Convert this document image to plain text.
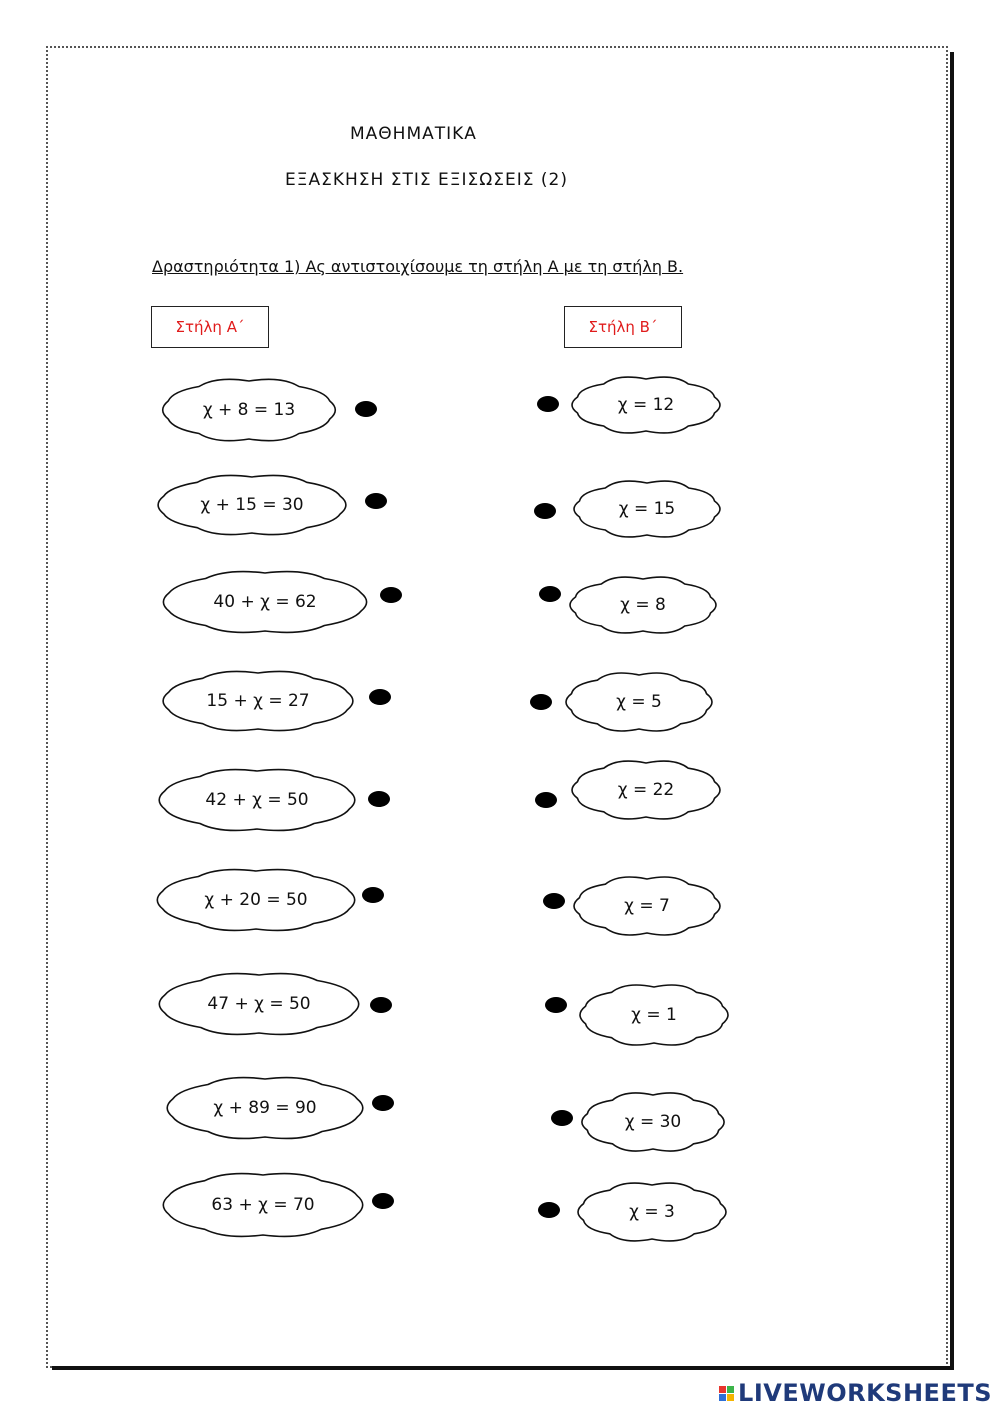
ΜΑΘΗΜΑΤΙΚΑ
ΕΞΑΣΚΗΣΗ ΣΤΙΣ ΕΞΙΣΩΣΕΙΣ (2)
Δραστηριότητα 1) Ας αντιστοιχίσουμε τη στήλη Α με τη στήλη Β.
Στήλη Α΄	Στήλη Β΄
χ + 8 = 13
χ + 15 = 30
40 + χ = 62
15 + χ = 27
42 + χ = 50
χ + 20 = 50
47 + χ = 50
χ + 89 = 90
63 + χ = 70
χ = 12
χ = 15
χ = 8
χ = 5
χ = 22
χ = 7
χ = 1
χ = 30
χ = 3
LIVEWORKSHEETS
